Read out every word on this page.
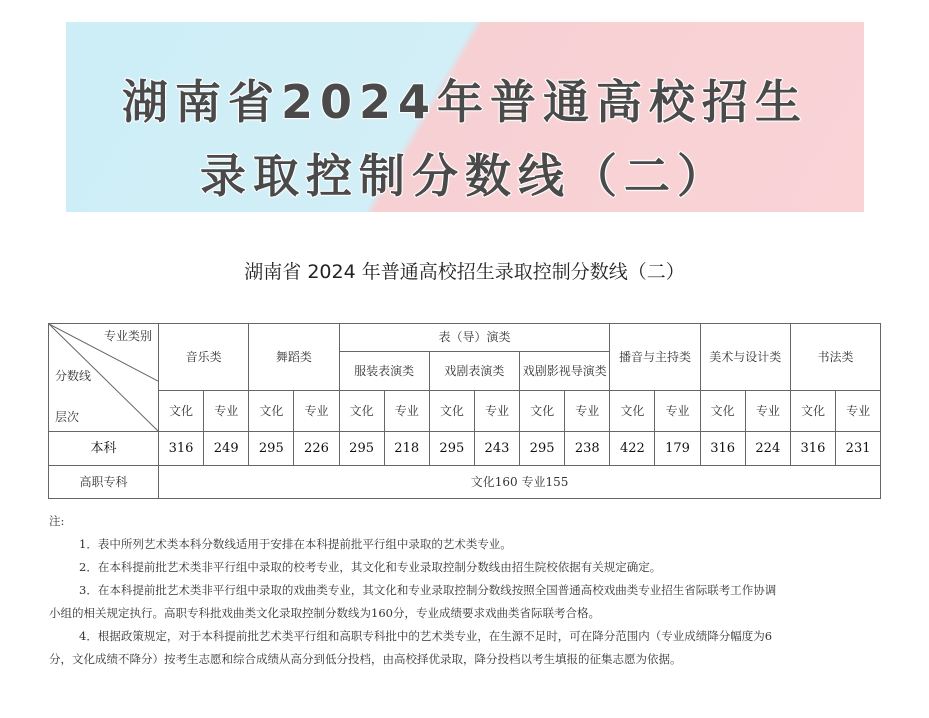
湖南省2024年普通高校招生
录取控制分数线（二）
湖南省 2024 年普通高校招生录取控制分数线（二）
专业类别
分数线
层次	音乐类		舞蹈类		表（导）演类						播音与主持类		美术与设计类		书法类	
					服装表演类		戏剧表演类		戏剧影视导演类							
	文化	专业	文化	专业	文化	专业	文化	专业	文化	专业	文化	专业	文化	专业	文化	专业
本科	316	249	295	226	295	218	295	243	295	238	422	179	316	224	316	231
高职专科	文化160 专业155															

注:

1．表中所列艺术类本科分数线适用于安排在本科提前批平行组中录取的艺术类专业。

2．在本科提前批艺术类非平行组中录取的校考专业，其文化和专业录取控制分数线由招生院校依据有关规定确定。

3．在本科提前批艺术类非平行组中录取的戏曲类专业，其文化和专业录取控制分数线按照全国普通高校戏曲类专业招生省际联考工作协调

小组的相关规定执行。高职专科批戏曲类文化录取控制分数线为160分，专业成绩要求戏曲类省际联考合格。

4．根据政策规定，对于本科提前批艺术类平行组和高职专科批中的艺术类专业，在生源不足时，可在降分范围内（专业成绩降分幅度为6

分，文化成绩不降分）按考生志愿和综合成绩从高分到低分投档，由高校择优录取，降分投档以考生填报的征集志愿为依据。
